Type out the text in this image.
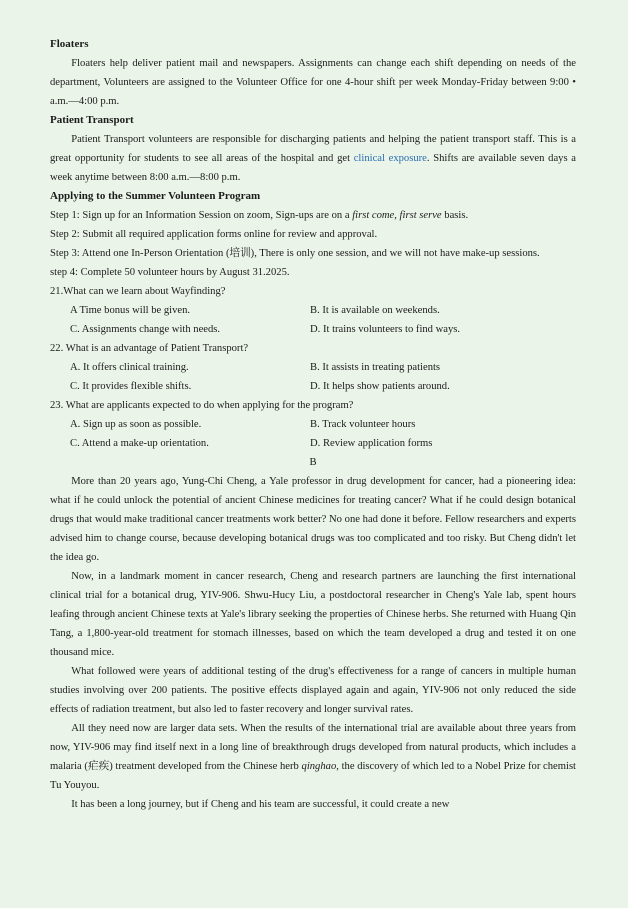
Floaters

Floaters help deliver patient mail and newspapers. Assignments can change each shift depending on needs of the department, Volunteers are assigned to the Volunteer Office for one 4-hour shift per week Monday-Friday between 9:00 • a.m.—4:00 p.m.

Patient Transport

Patient Transport volunteers are responsible for discharging patients and helping the patient transport staff. This is a great opportunity for students to see all areas of the hospital and get clinical exposure. Shifts are available seven days a week anytime between 8:00 a.m.—8:00 p.m.

Applying to the Summer Volunteen Program

Step 1: Sign up for an Information Session on zoom, Sign-ups are on a first come, first serve basis.

Step 2: Submit all required application forms online for review and approval.

Step 3: Attend one In-Person Orientation (培训), There is only one session, and we will not have make-up sessions.

step 4: Complete 50 volunteer hours by August 31.2025.

21.What can we learn about Wayfinding?

A Time bonus will be given.	B. It is available on weekends.
C. Assignments change with needs.	D. It trains volunteers to find ways.

22. What is an advantage of Patient Transport?

A. It offers clinical training.	B. It assists in treating patients
C. It provides flexible shifts.	D. It helps show patients around.

23. What are applicants expected to do when applying for the program?

A. Sign up as soon as possible.	B. Track volunteer hours
C. Attend a make-up orientation.	D. Review application forms

B

More than 20 years ago, Yung-Chi Cheng, a Yale professor in drug development for cancer, had a pioneering idea: what if he could unlock the potential of ancient Chinese medicines for treating cancer? What if he could design botanical drugs that would make traditional cancer treatments work better? No one had done it before. Fellow researchers and experts advised him to change course, because developing botanical drugs was too complicated and too risky. But Cheng didn't let the idea go.

Now, in a landmark moment in cancer research, Cheng and research partners are launching the first international clinical trial for a botanical drug, YIV-906. Shwu-Hucy Liu, a postdoctoral researcher in Cheng's Yale lab, spent hours leafing through ancient Chinese texts at Yale's library seeking the properties of Chinese herbs. She returned with Huang Qin Tang, a 1,800-year-old treatment for stomach illnesses, based on which the team developed a drug and tested it on one thousand mice.

What followed were years of additional testing of the drug's effectiveness for a range of cancers in multiple human studies involving over 200 patients. The positive effects displayed again and again, YIV-906 not only reduced the side effects of radiation treatment, but also led to faster recovery and longer survival rates.

All they need now are larger data sets. When the results of the international trial are available about three years from now, YIV-906 may find itself next in a long line of breakthrough drugs developed from natural products, which includes a malaria (疟疾) treatment developed from the Chinese herb qinghao, the discovery of which led to a Nobel Prize for chemist Tu Youyou.

It has been a long journey, but if Cheng and his team are successful, it could create a new
